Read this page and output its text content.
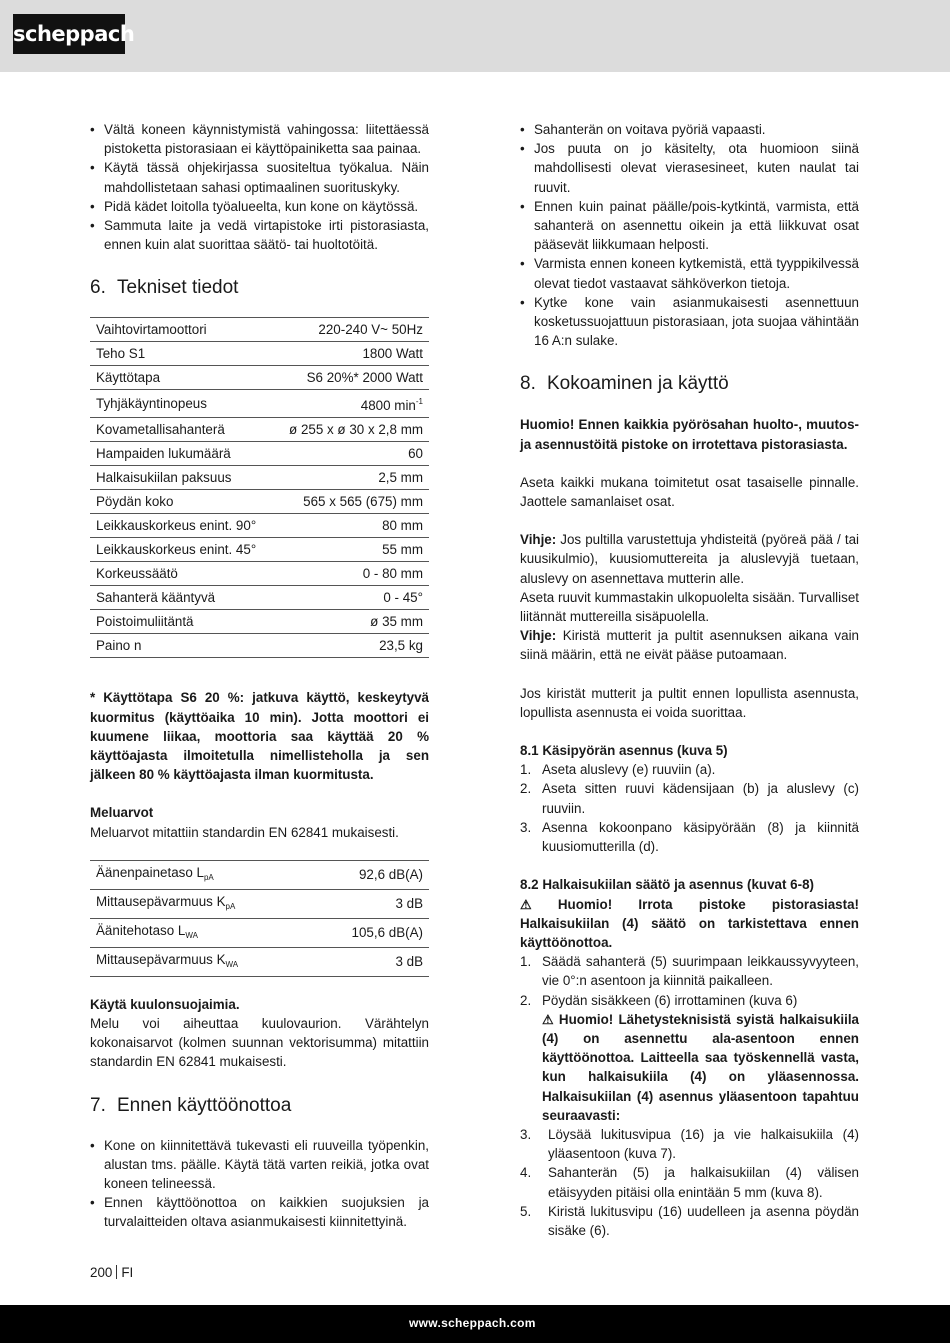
scheppach
• Vältä koneen käynnistymistä vahingossa: liitettäessä pistoketta pistorasiaan ei käyttöpainiketta saa painaa.
• Käytä tässä ohjekirjassa suositeltua työkalua. Näin mahdollistetaan sahasi optimaalinen suorituskyky.
• Pidä kädet loitolla työalueelta, kun kone on käytössä.
• Sammuta laite ja vedä virtapistoke irti pistorasiasta, ennen kuin alat suorittaa säätö- tai huoltotöitä.
6. Tekniset tiedot
Vaihtovirtamoottori	220-240 V~ 50Hz
Teho S1	1800 Watt
Käyttötapa	S6 20%* 2000 Watt
Tyhjäkäyntinopeus	4800 $\min^{-1}$
Kovametallisahanterä	ø 255 x ø 30 x 2,8 mm
Hampaiden lukumäärä	60
Halkaisukiilan paksuus	2,5 mm
Pöydän koko	565 x 565 (675) mm
Leikkauskorkeus enint. 90°	80 mm
Leikkauskorkeus enint. 45°	55 mm
Korkeussäätö	0 - 80 mm
Sahanterä kääntyvä	0 - 45°
Poistoimuliitäntä	ø 35 mm
Paino n	23,5 kg

* Käyttötapa S6 20 %: jatkuva käyttö, keskeytyvä kuormitus (käyttöaika 10 min). Jotta moottori ei kuumene liikaa, moottoria saa käyttää 20 % käyttöajasta ilmoitetulla nimellisteholla ja sen jälkeen 80 % käyttöajasta ilman kuormitusta.

Meluarvot

Meluarvot mitattiin standardin EN 62841 mukaisesti.

Äänenpainetaso $L_{pA}$	92,6 dB(A)
Mittausepävarmuus $K_{pA}$	3 dB
Äänitehotaso $L_{WA}$	105,6 dB(A)
Mittausepävarmuus $K_{WA}$	3 dB

Käytä kuulonsuojaimia.

Melu voi aiheuttaa kuulovaurion. Värähtelyn kokonaisarvot (kolmen suunnan vektorisumma) mitattiin standardin EN 62841 mukaisesti.

7. Ennen käyttöönottoa
• Kone on kiinnitettävä tukevasti eli ruuveilla työpenkin, alustan tms. päälle. Käytä tätä varten reikiä, jotka ovat koneen telineessä.
• Ennen käyttöönottoa on kaikkien suojuksien ja turvalaitteiden oltava asianmukaisesti kiinnitettyinä.
• Sahanterän on voitava pyöriä vapaasti.
• Jos puuta on jo käsitelty, ota huomioon siinä mahdollisesti olevat vierasesineet, kuten naulat tai ruuvit.
• Ennen kuin painat päälle/pois-kytkintä, varmista, että sahanterä on asennettu oikein ja että liikkuvat osat pääsevät liikkumaan helposti.
• Varmista ennen koneen kytkemistä, että tyyppikilvessä olevat tiedot vastaavat sähköverkon tietoja.
• Kytke kone vain asianmukaisesti asennettuun kosketussuojattuun pistorasiaan, jota suojaa vähintään 16 A:n sulake.
8. Kokoaminen ja käyttö

Huomio! Ennen kaikkia pyörösahan huolto-, muutos- ja asennustöitä pistoke on irrotettava pistorasiasta.

Aseta kaikki mukana toimitetut osat tasaiselle pinnalle. Jaottele samanlaiset osat.

Vihje: Jos pultilla varustettuja yhdisteitä (pyöreä pää / tai kuusikulmio), kuusiomuttereita ja aluslevyjä tuetaan, aluslevy on asennettava mutterin alle.

Aseta ruuvit kummastakin ulkopuolelta sisään. Turvalliset liitännät muttereilla sisäpuolella.

Vihje: Kiristä mutterit ja pultit asennuksen aikana vain siinä määrin, että ne eivät pääse putoamaan.

Jos kiristät mutterit ja pultit ennen lopullista asennusta, lopullista asennusta ei voida suorittaa.

8.1 Käsipyörän asennus (kuva 5)

1. Aseta aluslevy (e) ruuviin (a).
2. Aseta sitten ruuvi kädensijaan (b) ja aluslevy (c) ruuviin.
3. Asenna kokoonpano käsipyörään (8) ja kiinnitä kuusiomutterilla (d).

8.2 Halkaisukiilan säätö ja asennus (kuvat 6-8)

⚠ Huomio! Irrota pistoke pistorasiasta! Halkaisukiilan (4) säätö on tarkistettava ennen käyttöönottoa.

1. Säädä sahanterä (5) suurimpaan leikkaussyvyyteen, vie 0°:n asentoon ja kiinnitä paikalleen.
2. Pöydän sisäkkeen (6) irrottaminen (kuva 6)

⚠ Huomio! Lähetysteknisistä syistä halkaisukiila (4) on asennettu ala-asentoon ennen käyttöönottoa. Laitteella saa työskennellä vasta, kun halkaisukiila (4) on yläasennossa. Halkaisukiilan (4) asennus yläasentoon tapahtuu seuraavasti:

3. Löysää lukitusvipua (16) ja vie halkaisukiila (4) yläasentoon (kuva 7).
4. Sahanterän (5) ja halkaisukiilan (4) välisen etäisyyden pitäisi olla enintään 5 mm (kuva 8).
5. Kiristä lukitusvipu (16) uudelleen ja asenna pöydän sisäke (6).
200 FI
www.scheppach.com
